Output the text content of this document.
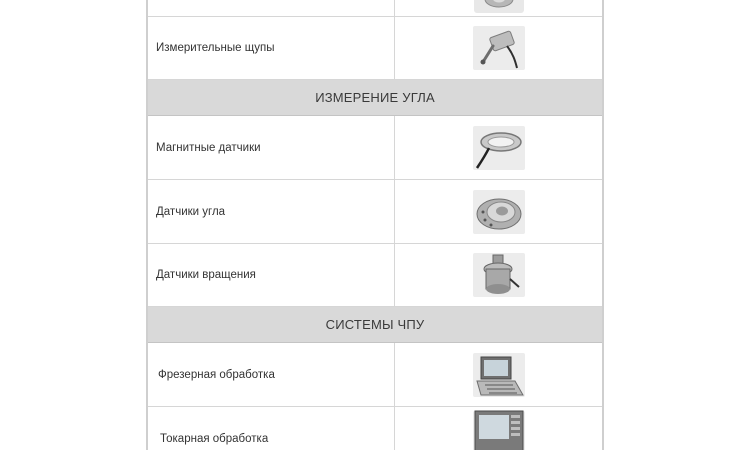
Измерительные щупы
ИЗМЕРЕНИЕ УГЛА
Магнитные датчики
Датчики угла
Датчики вращения
СИСТЕМЫ ЧПУ
Фрезерная обработка
Токарная обработка
